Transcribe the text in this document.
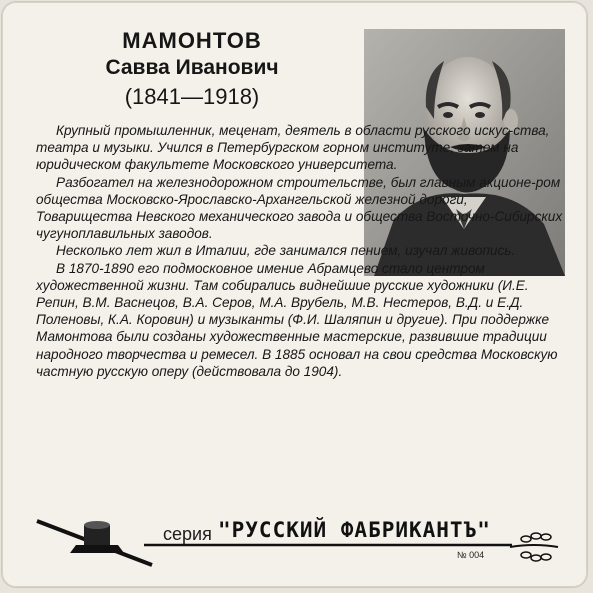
МАМОНТОВ
Савва Иванович
(1841—1918)

Крупный промышленник, меценат, деятель в области русского искус-ства, театра и музыки. Учился в Петербургском горном институте, затем на юридическом факультете Московского университета.

Разбогател на железнодорожном строительстве, был главным акционе-ром общества Московско-Ярославско-Архангельской железной дороги, Товарищества Невского механического завода и общества Восточно-Сибирских чугуноплавильных заводов.

Несколько лет жил в Италии, где занимался пением, изучал живопись.

В 1870-1890 его подмосковное имение Абрамцево стало центром художественной жизни. Там собирались виднейшие русские художники (И.Е. Репин, В.М. Васнецов, В.А. Серов, М.А. Врубель, М.В. Нестеров, В.Д. и Е.Д. Поленовы, К.А. Коровин) и музыканты (Ф.И. Шаляпин и другие). При поддержке Мамонтова были созданы художественные мастерские, развившие традиции народного творчества и ремесел. В 1885 основал на свои средства Московскую частную русскую оперу (действовала до 1904).

серия "РУССКИЙ ФАБРИКАНТЪ"
№ 004
